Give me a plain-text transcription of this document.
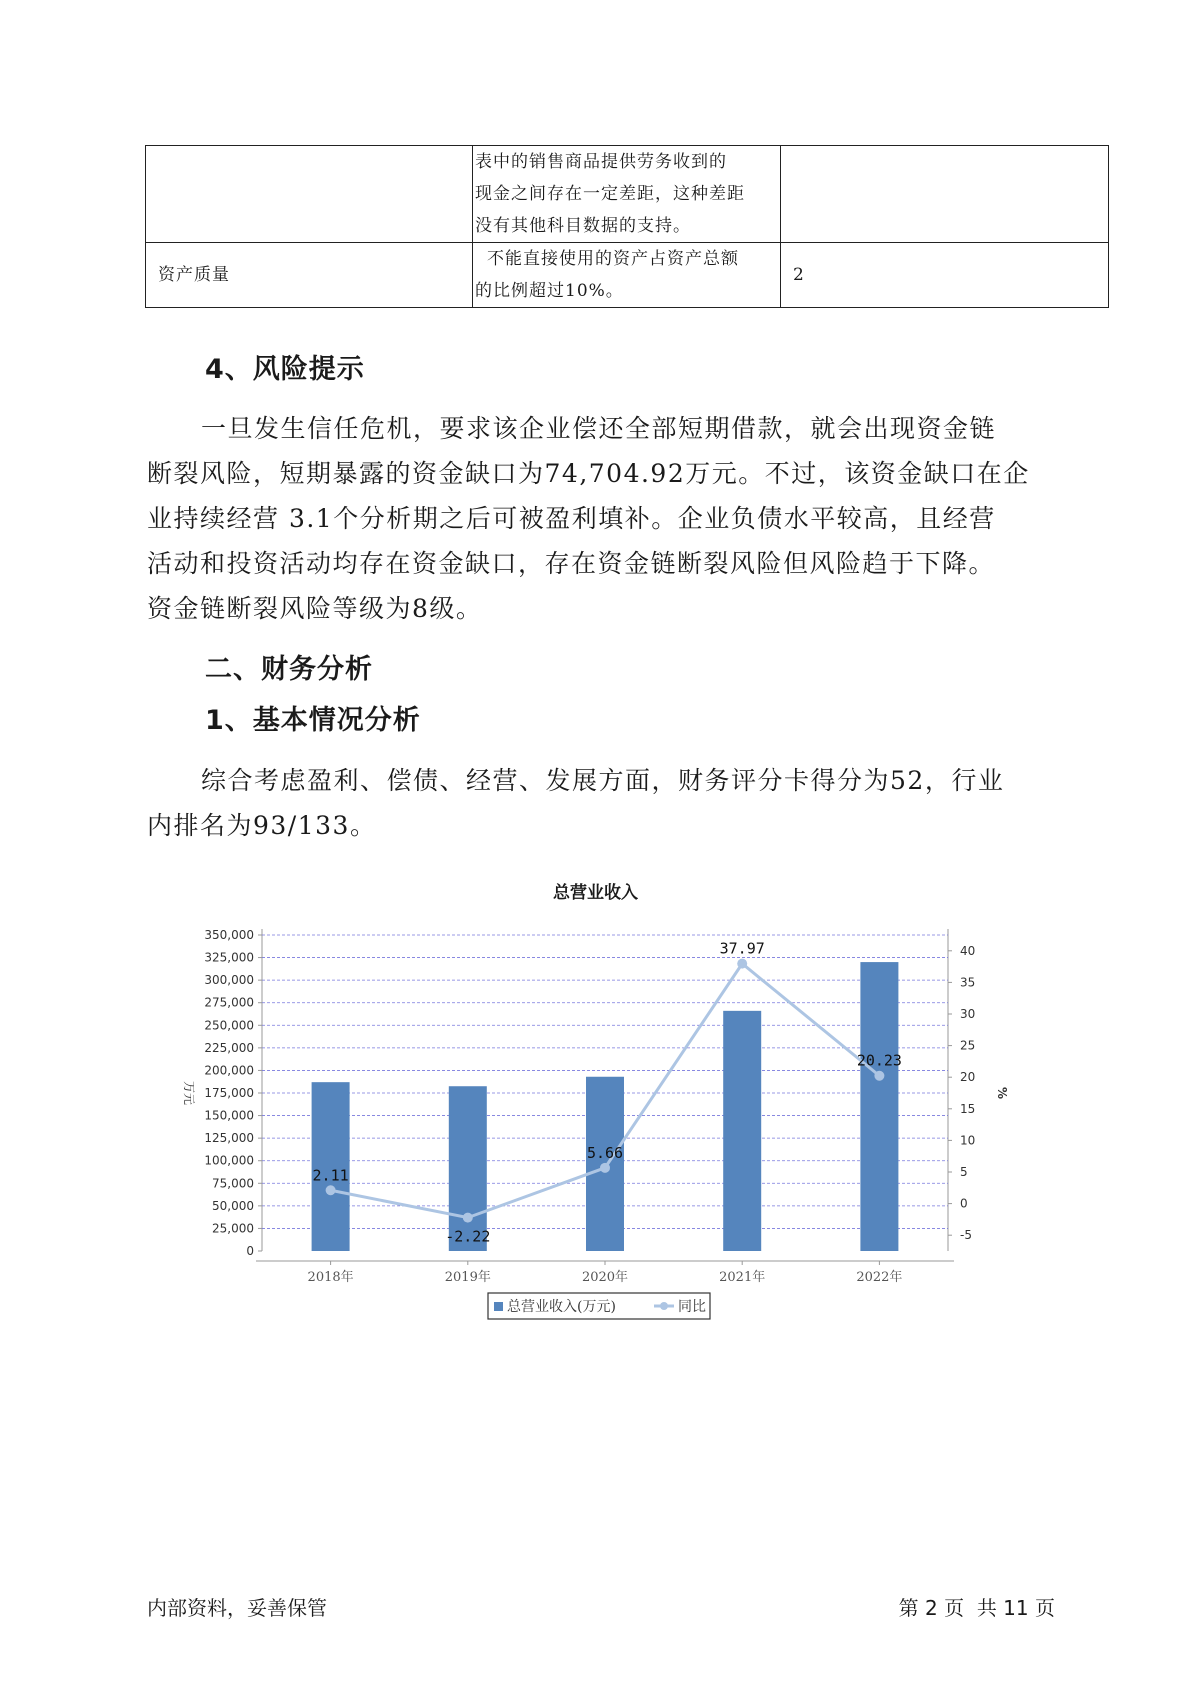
	表中的销售商品提供劳务收到的
现金之间存在一定差距，这种差距
没有其他科目数据的支持。	

资产质量	不能直接使用的资产占资产总额
的比例超过10%。	2
4、风险提示
一旦发生信任危机，要求该企业偿还全部短期借款，就会出现资金链
断裂风险，短期暴露的资金缺口为74,704.92万元。不过，该资金缺口在企
业持续经营 3.1个分析期之后可被盈利填补。企业负债水平较高，且经营
活动和投资活动均存在资金缺口，存在资金链断裂风险但风险趋于下降。
资金链断裂风险等级为8级。
二、财务分析
1、基本情况分析
综合考虑盈利、偿债、经营、发展方面，财务评分卡得分为52，行业
内排名为93/133。
总营业收入
0
25,000
50,000
75,000
100,000
125,000
150,000
175,000
200,000
225,000
250,000
275,000
300,000
325,000
350,000
-5
0
5
10
15
20
25
30
35
40
万元	%
2018年	2019年	2020年	2021年	2022年
2.11
-2.22
5.66
37.97
20.23
总营业收入(万元)	同比
内部资料，妥善保管	第 2 页  共 11 页
